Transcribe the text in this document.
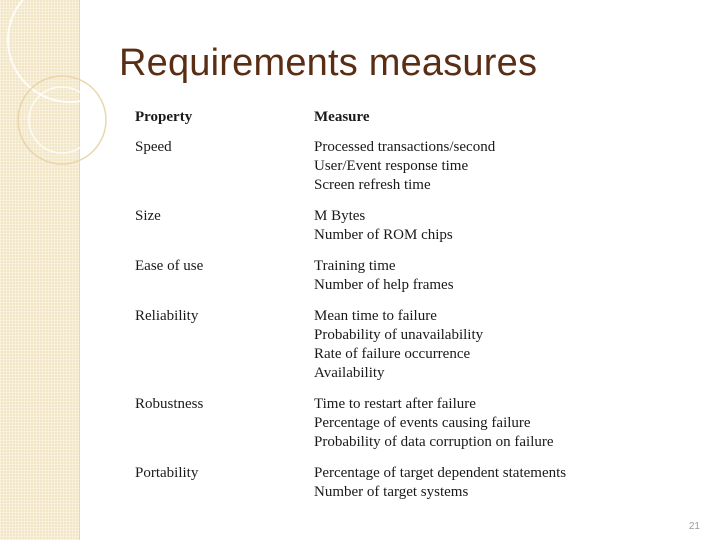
Requirements measures
Property	Measure
Speed	Processed transactions/second
User/Event response time
Screen refresh time
Size	M Bytes
Number of ROM chips
Ease of use	Training time
Number of help frames
Reliability	Mean time to failure
Probability of unavailability
Rate of failure occurrence
Availability
Robustness	Time to restart after failure
Percentage of events causing failure
Probability of data corruption on failure
Portability	Percentage of target dependent statements
Number of target systems
21
